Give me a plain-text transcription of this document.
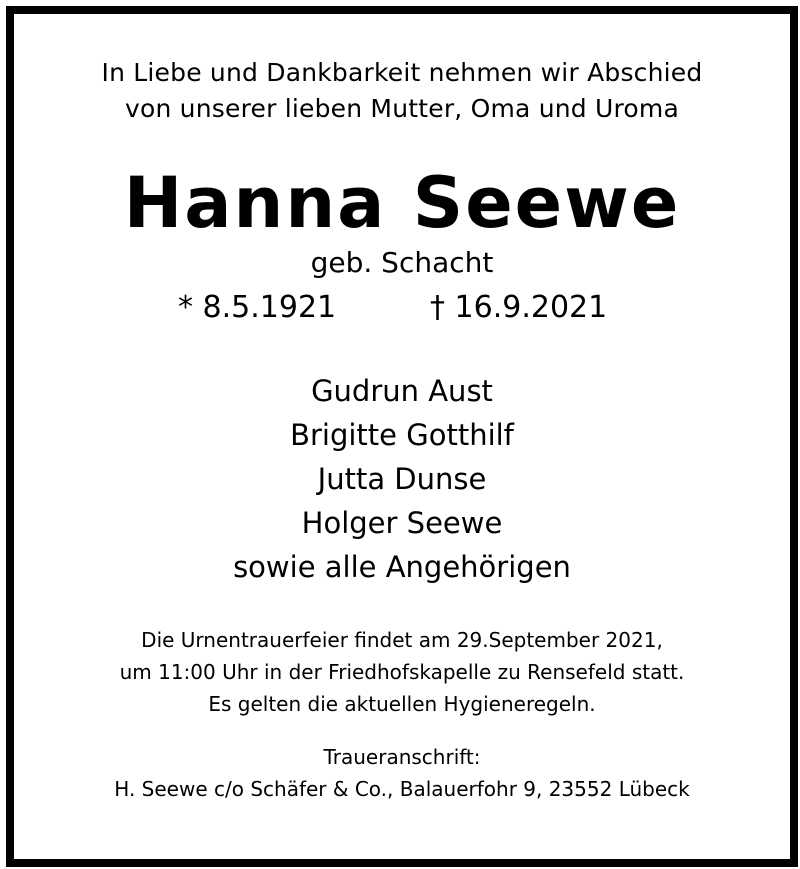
In Liebe und Dankbarkeit nehmen wir Abschied
von unserer lieben Mutter, Oma und Uroma
Hanna Seewe
geb. Schacht
* 8.5.1921	† 16.9.2021
Gudrun Aust
Brigitte Gotthilf
Jutta Dunse
Holger Seewe
sowie alle Angehörigen
Die Urnentrauerfeier findet am 29.September 2021,
um 11:00 Uhr in der Friedhofskapelle zu Rensefeld statt.
Es gelten die aktuellen Hygieneregeln.
Traueranschrift:
H. Seewe c/o Schäfer & Co., Balauerfohr 9, 23552 Lübeck
